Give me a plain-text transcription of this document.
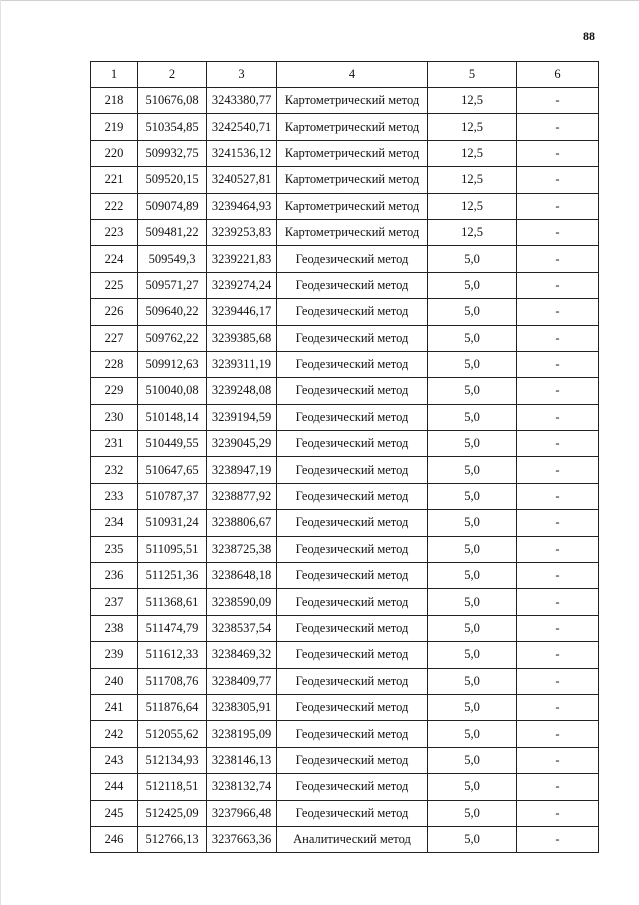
88
1	2	3	4	5	6
218	510676,08	3243380,77	Картометрический метод	12,5	-
219	510354,85	3242540,71	Картометрический метод	12,5	-
220	509932,75	3241536,12	Картометрический метод	12,5	-
221	509520,15	3240527,81	Картометрический метод	12,5	-
222	509074,89	3239464,93	Картометрический метод	12,5	-
223	509481,22	3239253,83	Картометрический метод	12,5	-
224	509549,3	3239221,83	Геодезический метод	5,0	-
225	509571,27	3239274,24	Геодезический метод	5,0	-
226	509640,22	3239446,17	Геодезический метод	5,0	-
227	509762,22	3239385,68	Геодезический метод	5,0	-
228	509912,63	3239311,19	Геодезический метод	5,0	-
229	510040,08	3239248,08	Геодезический метод	5,0	-
230	510148,14	3239194,59	Геодезический метод	5,0	-
231	510449,55	3239045,29	Геодезический метод	5,0	-
232	510647,65	3238947,19	Геодезический метод	5,0	-
233	510787,37	3238877,92	Геодезический метод	5,0	-
234	510931,24	3238806,67	Геодезический метод	5,0	-
235	511095,51	3238725,38	Геодезический метод	5,0	-
236	511251,36	3238648,18	Геодезический метод	5,0	-
237	511368,61	3238590,09	Геодезический метод	5,0	-
238	511474,79	3238537,54	Геодезический метод	5,0	-
239	511612,33	3238469,32	Геодезический метод	5,0	-
240	511708,76	3238409,77	Геодезический метод	5,0	-
241	511876,64	3238305,91	Геодезический метод	5,0	-
242	512055,62	3238195,09	Геодезический метод	5,0	-
243	512134,93	3238146,13	Геодезический метод	5,0	-
244	512118,51	3238132,74	Геодезический метод	5,0	-
245	512425,09	3237966,48	Геодезический метод	5,0	-
246	512766,13	3237663,36	Аналитический метод	5,0	-
